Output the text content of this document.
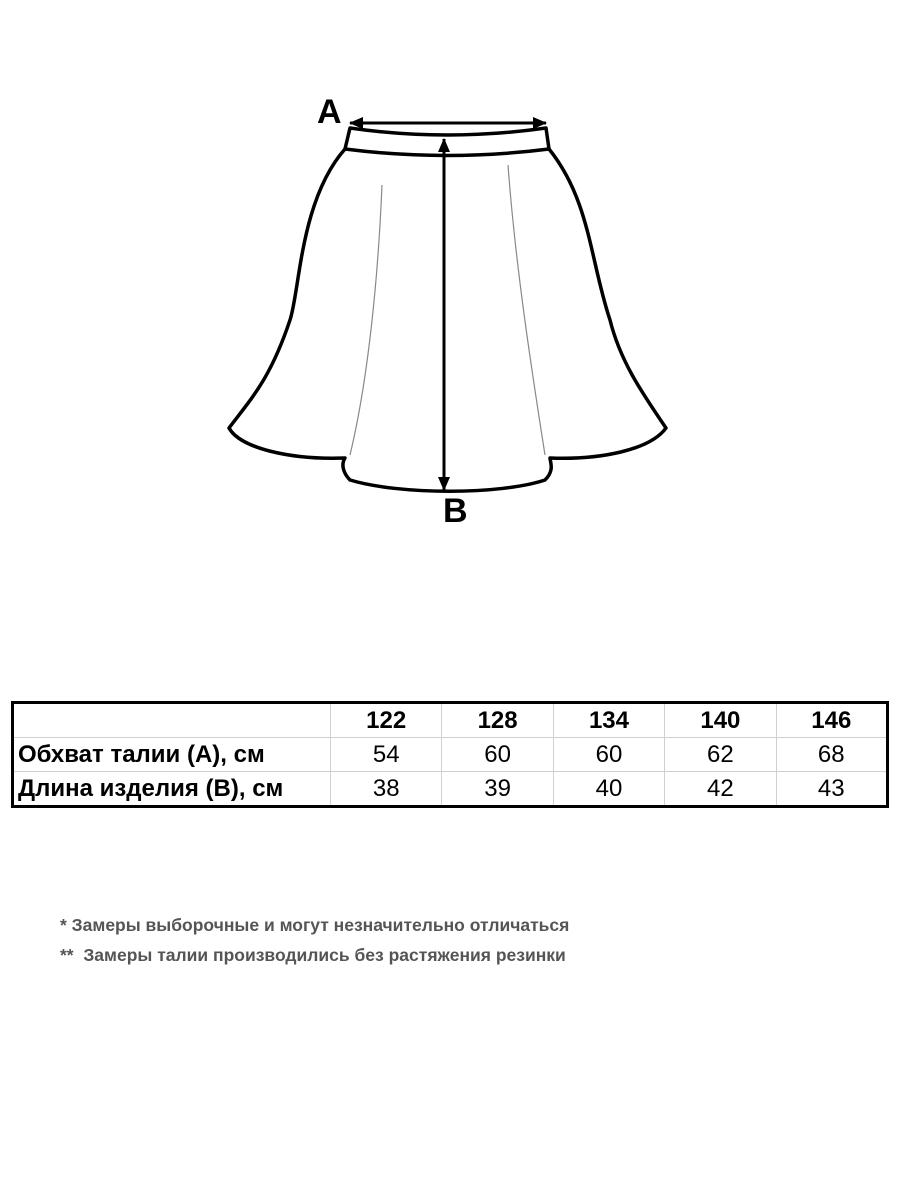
A
B
	122	128	134	140	146
Обхват талии (А), см	54	60	60	62	68
Длина изделия (В), см	38	39	40	42	43
* Замеры выборочные и могут незначительно отличаться
**  Замеры талии производились без растяжения резинки
